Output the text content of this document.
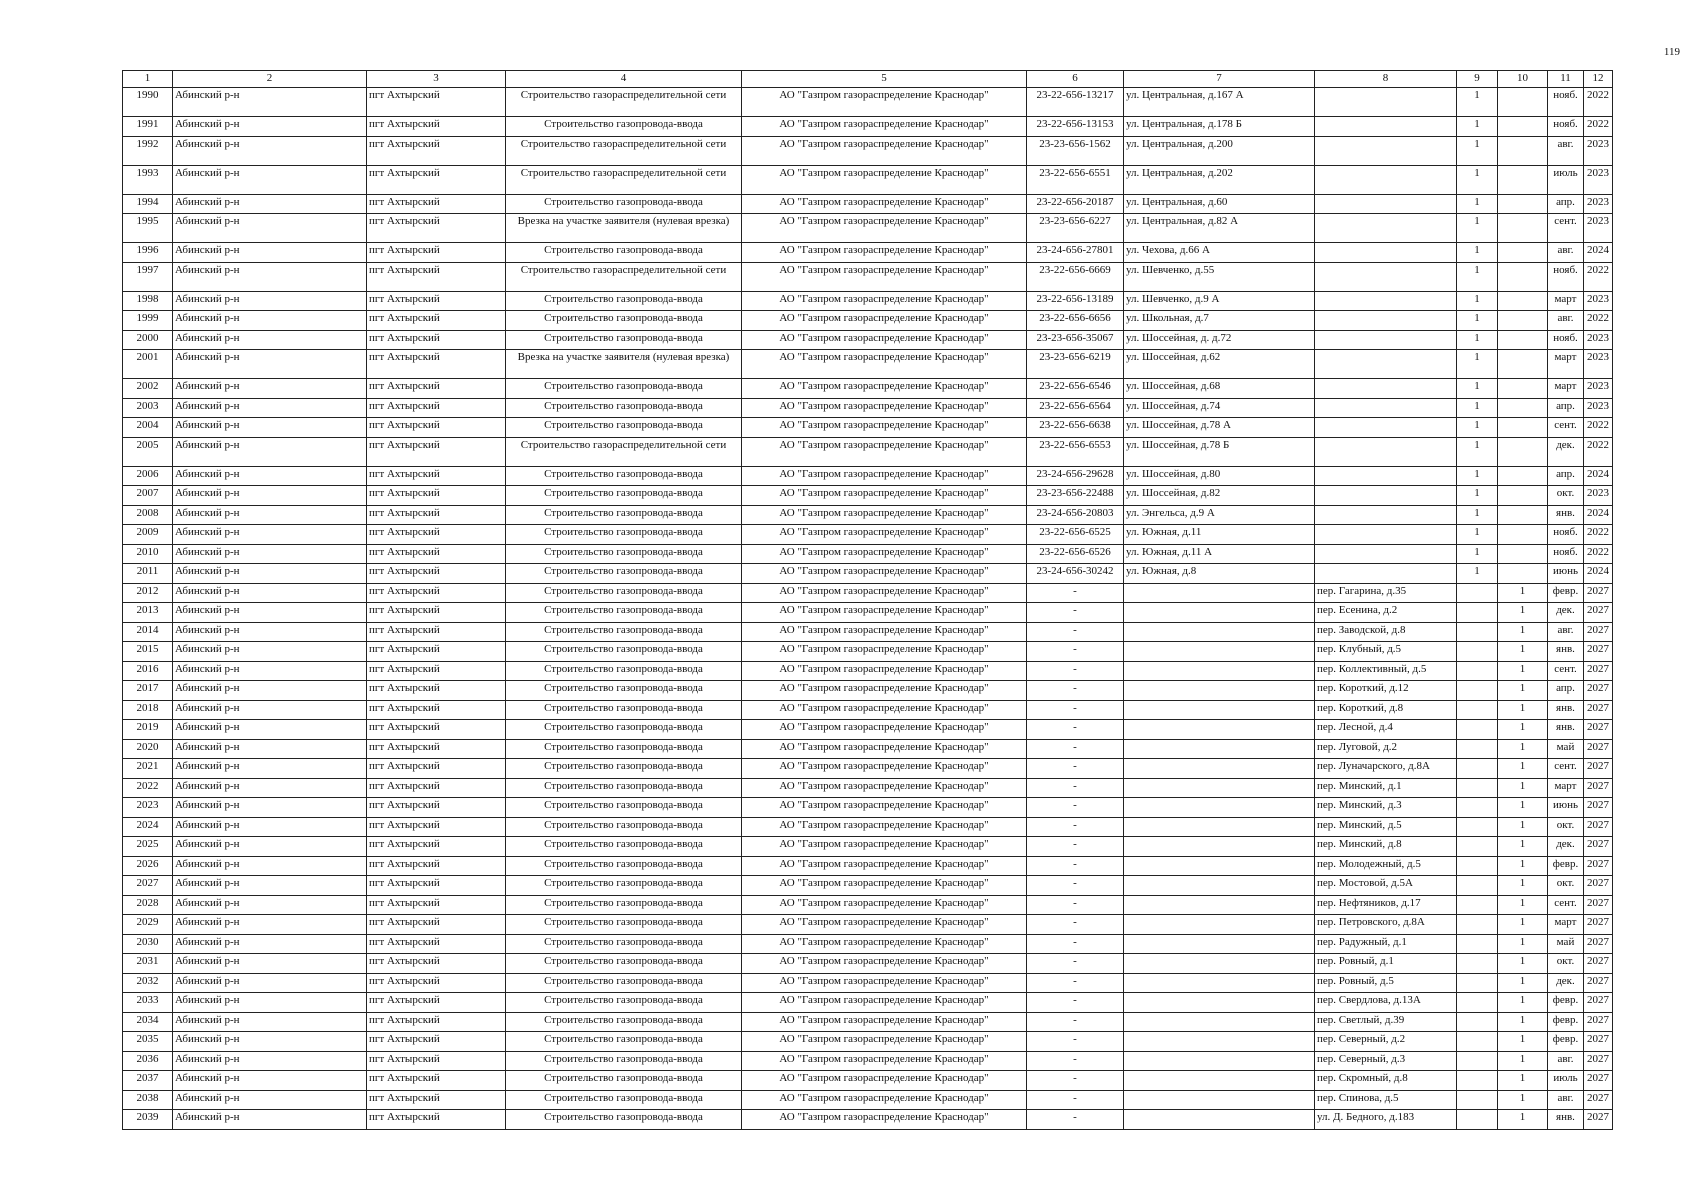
119
1	2	3	4	5	6	7	8	9	10	11	12
1990	Абинский р-н	пгт Ахтырский	Строительство газораспределительной сети	АО "Газпром газораспределение Краснодар"	23-22-656-13217	ул. Центральная, д.167 А		1		нояб.	2022
1991	Абинский р-н	пгт Ахтырский	Строительство газопровода-ввода	АО "Газпром газораспределение Краснодар"	23-22-656-13153	ул. Центральная, д.178 Б		1		нояб.	2022
1992	Абинский р-н	пгт Ахтырский	Строительство газораспределительной сети	АО "Газпром газораспределение Краснодар"	23-23-656-1562	ул. Центральная, д.200		1		авг.	2023
1993	Абинский р-н	пгт Ахтырский	Строительство газораспределительной сети	АО "Газпром газораспределение Краснодар"	23-22-656-6551	ул. Центральная, д.202		1		июль	2023
1994	Абинский р-н	пгт Ахтырский	Строительство газопровода-ввода	АО "Газпром газораспределение Краснодар"	23-22-656-20187	ул. Центральная, д.60		1		апр.	2023
1995	Абинский р-н	пгт Ахтырский	Врезка на участке заявителя (нулевая врезка)	АО "Газпром газораспределение Краснодар"	23-23-656-6227	ул. Центральная, д.82 А		1		сент.	2023
1996	Абинский р-н	пгт Ахтырский	Строительство газопровода-ввода	АО "Газпром газораспределение Краснодар"	23-24-656-27801	ул. Чехова, д.66 А		1		авг.	2024
1997	Абинский р-н	пгт Ахтырский	Строительство газораспределительной сети	АО "Газпром газораспределение Краснодар"	23-22-656-6669	ул. Шевченко, д.55		1		нояб.	2022
1998	Абинский р-н	пгт Ахтырский	Строительство газопровода-ввода	АО "Газпром газораспределение Краснодар"	23-22-656-13189	ул. Шевченко, д.9 А		1		март	2023
1999	Абинский р-н	пгт Ахтырский	Строительство газопровода-ввода	АО "Газпром газораспределение Краснодар"	23-22-656-6656	ул. Школьная, д.7		1		авг.	2022
2000	Абинский р-н	пгт Ахтырский	Строительство газопровода-ввода	АО "Газпром газораспределение Краснодар"	23-23-656-35067	ул. Шоссейная, д. д.72		1		нояб.	2023
2001	Абинский р-н	пгт Ахтырский	Врезка на участке заявителя (нулевая врезка)	АО "Газпром газораспределение Краснодар"	23-23-656-6219	ул. Шоссейная, д.62		1		март	2023
2002	Абинский р-н	пгт Ахтырский	Строительство газопровода-ввода	АО "Газпром газораспределение Краснодар"	23-22-656-6546	ул. Шоссейная, д.68		1		март	2023
2003	Абинский р-н	пгт Ахтырский	Строительство газопровода-ввода	АО "Газпром газораспределение Краснодар"	23-22-656-6564	ул. Шоссейная, д.74		1		апр.	2023
2004	Абинский р-н	пгт Ахтырский	Строительство газопровода-ввода	АО "Газпром газораспределение Краснодар"	23-22-656-6638	ул. Шоссейная, д.78 А		1		сент.	2022
2005	Абинский р-н	пгт Ахтырский	Строительство газораспределительной сети	АО "Газпром газораспределение Краснодар"	23-22-656-6553	ул. Шоссейная, д.78 Б		1		дек.	2022
2006	Абинский р-н	пгт Ахтырский	Строительство газопровода-ввода	АО "Газпром газораспределение Краснодар"	23-24-656-29628	ул. Шоссейная, д.80		1		апр.	2024
2007	Абинский р-н	пгт Ахтырский	Строительство газопровода-ввода	АО "Газпром газораспределение Краснодар"	23-23-656-22488	ул. Шоссейная, д.82		1		окт.	2023
2008	Абинский р-н	пгт Ахтырский	Строительство газопровода-ввода	АО "Газпром газораспределение Краснодар"	23-24-656-20803	ул. Энгельса, д.9 А		1		янв.	2024
2009	Абинский р-н	пгт Ахтырский	Строительство газопровода-ввода	АО "Газпром газораспределение Краснодар"	23-22-656-6525	ул. Южная, д.11		1		нояб.	2022
2010	Абинский р-н	пгт Ахтырский	Строительство газопровода-ввода	АО "Газпром газораспределение Краснодар"	23-22-656-6526	ул. Южная, д.11 А		1		нояб.	2022
2011	Абинский р-н	пгт Ахтырский	Строительство газопровода-ввода	АО "Газпром газораспределение Краснодар"	23-24-656-30242	ул. Южная, д.8		1		июнь	2024
2012	Абинский р-н	пгт Ахтырский	Строительство газопровода-ввода	АО "Газпром газораспределение Краснодар"	-		пер. Гагарина, д.35		1	февр.	2027
2013	Абинский р-н	пгт Ахтырский	Строительство газопровода-ввода	АО "Газпром газораспределение Краснодар"	-		пер. Есенина, д.2		1	дек.	2027
2014	Абинский р-н	пгт Ахтырский	Строительство газопровода-ввода	АО "Газпром газораспределение Краснодар"	-		пер. Заводской, д.8		1	авг.	2027
2015	Абинский р-н	пгт Ахтырский	Строительство газопровода-ввода	АО "Газпром газораспределение Краснодар"	-		пер. Клубный, д.5		1	янв.	2027
2016	Абинский р-н	пгт Ахтырский	Строительство газопровода-ввода	АО "Газпром газораспределение Краснодар"	-		пер. Коллективный, д.5		1	сент.	2027
2017	Абинский р-н	пгт Ахтырский	Строительство газопровода-ввода	АО "Газпром газораспределение Краснодар"	-		пер. Короткий, д.12		1	апр.	2027
2018	Абинский р-н	пгт Ахтырский	Строительство газопровода-ввода	АО "Газпром газораспределение Краснодар"	-		пер. Короткий, д.8		1	янв.	2027
2019	Абинский р-н	пгт Ахтырский	Строительство газопровода-ввода	АО "Газпром газораспределение Краснодар"	-		пер. Лесной, д.4		1	янв.	2027
2020	Абинский р-н	пгт Ахтырский	Строительство газопровода-ввода	АО "Газпром газораспределение Краснодар"	-		пер. Луговой, д.2		1	май	2027
2021	Абинский р-н	пгт Ахтырский	Строительство газопровода-ввода	АО "Газпром газораспределение Краснодар"	-		пер. Луначарского, д.8А		1	сент.	2027
2022	Абинский р-н	пгт Ахтырский	Строительство газопровода-ввода	АО "Газпром газораспределение Краснодар"	-		пер. Минский, д.1		1	март	2027
2023	Абинский р-н	пгт Ахтырский	Строительство газопровода-ввода	АО "Газпром газораспределение Краснодар"	-		пер. Минский, д.3		1	июнь	2027
2024	Абинский р-н	пгт Ахтырский	Строительство газопровода-ввода	АО "Газпром газораспределение Краснодар"	-		пер. Минский, д.5		1	окт.	2027
2025	Абинский р-н	пгт Ахтырский	Строительство газопровода-ввода	АО "Газпром газораспределение Краснодар"	-		пер. Минский, д.8		1	дек.	2027
2026	Абинский р-н	пгт Ахтырский	Строительство газопровода-ввода	АО "Газпром газораспределение Краснодар"	-		пер. Молодежный, д.5		1	февр.	2027
2027	Абинский р-н	пгт Ахтырский	Строительство газопровода-ввода	АО "Газпром газораспределение Краснодар"	-		пер. Мостовой, д.5А		1	окт.	2027
2028	Абинский р-н	пгт Ахтырский	Строительство газопровода-ввода	АО "Газпром газораспределение Краснодар"	-		пер. Нефтяников, д.17		1	сент.	2027
2029	Абинский р-н	пгт Ахтырский	Строительство газопровода-ввода	АО "Газпром газораспределение Краснодар"	-		пер. Петровского, д.8А		1	март	2027
2030	Абинский р-н	пгт Ахтырский	Строительство газопровода-ввода	АО "Газпром газораспределение Краснодар"	-		пер. Радужный, д.1		1	май	2027
2031	Абинский р-н	пгт Ахтырский	Строительство газопровода-ввода	АО "Газпром газораспределение Краснодар"	-		пер. Ровный, д.1		1	окт.	2027
2032	Абинский р-н	пгт Ахтырский	Строительство газопровода-ввода	АО "Газпром газораспределение Краснодар"	-		пер. Ровный, д.5		1	дек.	2027
2033	Абинский р-н	пгт Ахтырский	Строительство газопровода-ввода	АО "Газпром газораспределение Краснодар"	-		пер. Свердлова, д.13А		1	февр.	2027
2034	Абинский р-н	пгт Ахтырский	Строительство газопровода-ввода	АО "Газпром газораспределение Краснодар"	-		пер. Светлый, д.39		1	февр.	2027
2035	Абинский р-н	пгт Ахтырский	Строительство газопровода-ввода	АО "Газпром газораспределение Краснодар"	-		пер. Северный, д.2		1	февр.	2027
2036	Абинский р-н	пгт Ахтырский	Строительство газопровода-ввода	АО "Газпром газораспределение Краснодар"	-		пер. Северный, д.3		1	авг.	2027
2037	Абинский р-н	пгт Ахтырский	Строительство газопровода-ввода	АО "Газпром газораспределение Краснодар"	-		пер. Скромный, д.8		1	июль	2027
2038	Абинский р-н	пгт Ахтырский	Строительство газопровода-ввода	АО "Газпром газораспределение Краснодар"	-		пер. Спинова, д.5		1	авг.	2027
2039	Абинский р-н	пгт Ахтырский	Строительство газопровода-ввода	АО "Газпром газораспределение Краснодар"	-		ул. Д. Бедного, д.183		1	янв.	2027
